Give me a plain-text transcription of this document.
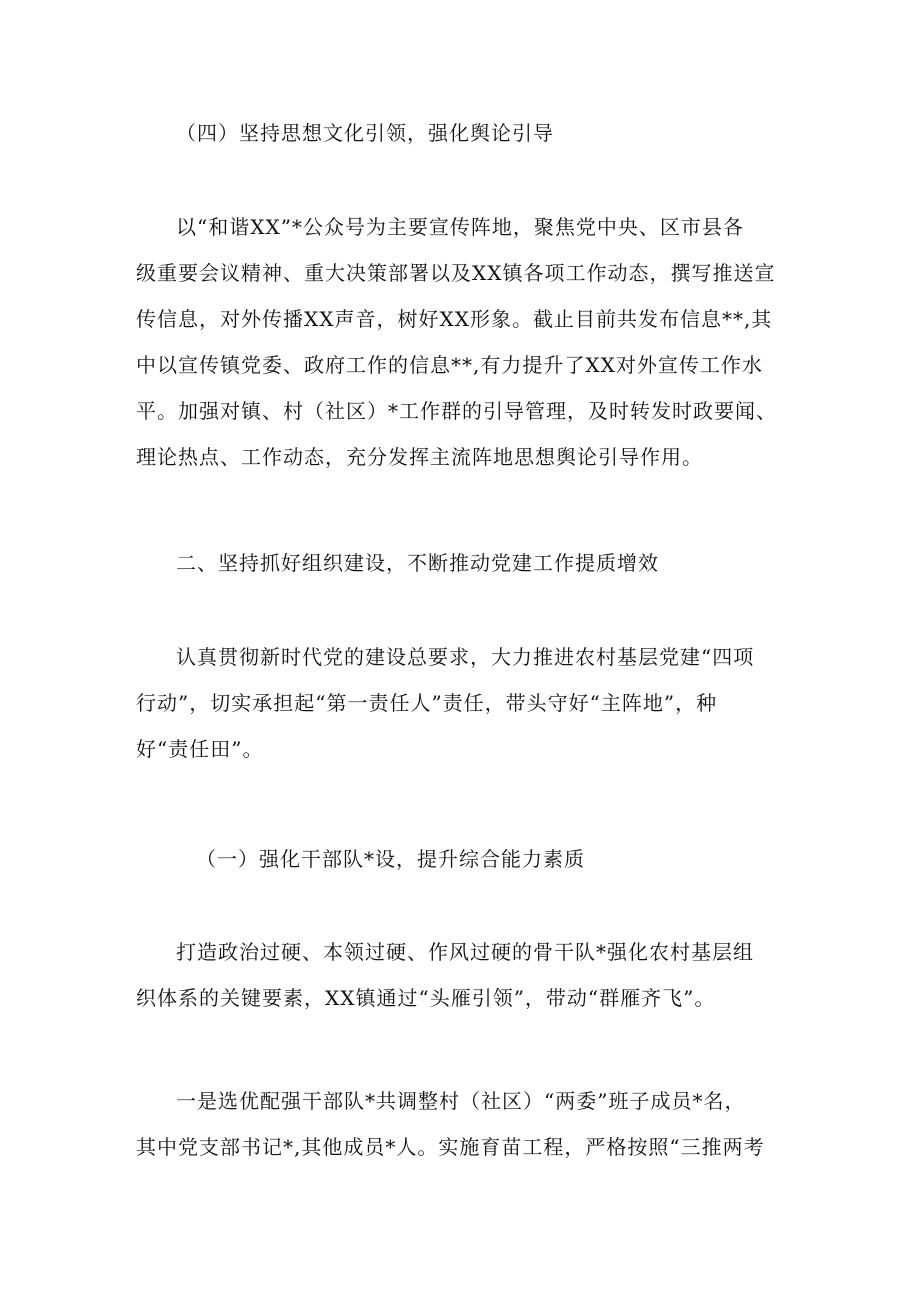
（四）坚持思想文化引领，强化舆论引导

以“和谐XX”*公众号为主要宣传阵地，聚焦党中央、区市县各
级重要会议精神、重大决策部署以及XX镇各项工作动态，撰写推送宣
传信息，对外传播XX声音，树好XX形象。截止目前共发布信息**,其
中以宣传镇党委、政府工作的信息**,有力提升了XX对外宣传工作水
平。加强对镇、村（社区）*工作群的引导管理，及时转发时政要闻、
理论热点、工作动态，充分发挥主流阵地思想舆论引导作用。

二、坚持抓好组织建设，不断推动党建工作提质增效

认真贯彻新时代党的建设总要求，大力推进农村基层党建“四项
行动”，切实承担起“第一责任人”责任，带头守好“主阵地”，种
好“责任田”。

（一）强化干部队*设，提升综合能力素质

打造政治过硬、本领过硬、作风过硬的骨干队*强化农村基层组
织体系的关键要素，XX镇通过“头雁引领”，带动“群雁齐飞”。

一是选优配强干部队*共调整村（社区）“两委”班子成员*名，
其中党支部书记*,其他成员*人。实施育苗工程，严格按照“三推两考
